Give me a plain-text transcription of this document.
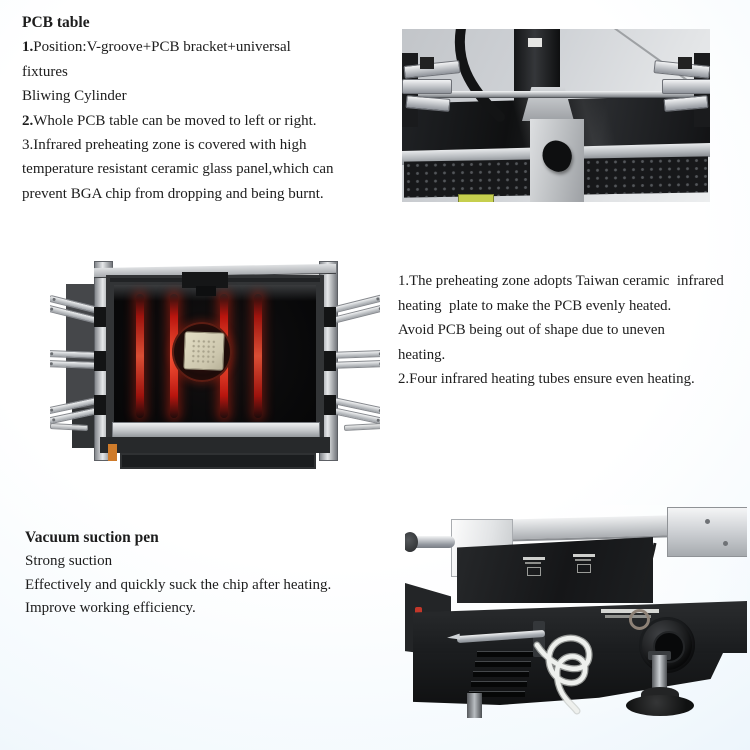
PCB table
1.Position:V-groove+PCB bracket+universal
fixtures
Bliwing Cylinder
2.Whole PCB table can be moved to left or right.
3.Infrared preheating zone is covered with high
temperature resistant ceramic glass panel,which can
prevent BGA chip from dropping and being burnt.
1.The preheating zone adopts Taiwan ceramic  infrared
heating  plate to make the PCB evenly heated.
Avoid PCB being out of shape due to uneven
heating.
2.Four infrared heating tubes ensure even heating.
Vacuum suction pen
Strong suction
Effectively and quickly suck the chip after heating.
Improve working efficiency.
